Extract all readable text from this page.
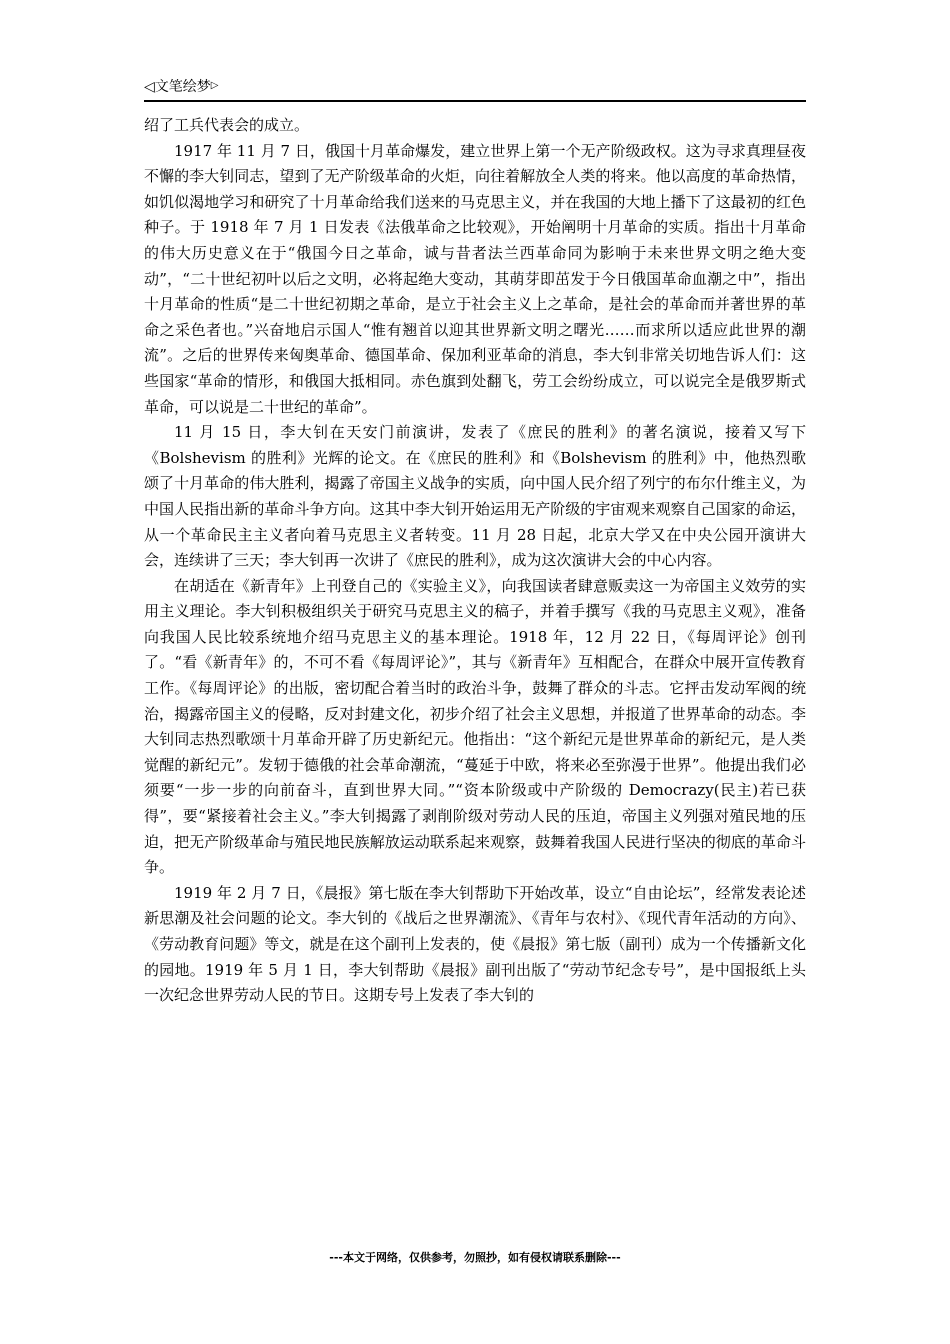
◁文笔绘梦▷

绍了工兵代表会的成立。

1917 年 11 月 7 日，俄国十月革命爆发，建立世界上第一个无产阶级政权。这为寻求真理昼夜不懈的李大钊同志，望到了无产阶级革命的火炬，向往着解放全人类的将来。他以高度的革命热情，如饥似渴地学习和研究了十月革命给我们送来的马克思主义，并在我国的大地上播下了这最初的红色种子。于 1918 年 7 月 1 日发表《法俄革命之比较观》，开始阐明十月革命的实质。指出十月革命的伟大历史意义在于“俄国今日之革命，诚与昔者法兰西革命同为影响于未来世界文明之绝大变动”，“二十世纪初叶以后之文明，必将起绝大变动，其萌芽即茁发于今日俄国革命血潮之中”，指出十月革命的性质“是二十世纪初期之革命，是立于社会主义上之革命，是社会的革命而并著世界的革命之采色者也。”兴奋地启示国人“惟有翘首以迎其世界新文明之曙光……而求所以适应此世界的潮流”。之后的世界传来匈奥革命、德国革命、保加利亚革命的消息，李大钊非常关切地告诉人们：这些国家“革命的情形，和俄国大抵相同。赤色旗到处翻飞，劳工会纷纷成立，可以说完全是俄罗斯式革命，可以说是二十世纪的革命”。

11 月 15 日，李大钊在天安门前演讲，发表了《庶民的胜利》的著名演说，接着又写下《Bolshevism 的胜利》光辉的论文。在《庶民的胜利》和《Bolshevism 的胜利》中，他热烈歌颂了十月革命的伟大胜利，揭露了帝国主义战争的实质，向中国人民介绍了列宁的布尔什维主义，为中国人民指出新的革命斗争方向。这其中李大钊开始运用无产阶级的宇宙观来观察自己国家的命运，从一个革命民主主义者向着马克思主义者转变。11 月 28 日起，北京大学又在中央公园开演讲大会，连续讲了三天；李大钊再一次讲了《庶民的胜利》，成为这次演讲大会的中心内容。

在胡适在《新青年》上刊登自己的《实验主义》，向我国读者肆意贩卖这一为帝国主义效劳的实用主义理论。李大钊积极组织关于研究马克思主义的稿子，并着手撰写《我的马克思主义观》，准备向我国人民比较系统地介绍马克思主义的基本理论。1918 年，12 月 22 日，《每周评论》创刊了。“看《新青年》的，不可不看《每周评论》”，其与《新青年》互相配合，在群众中展开宣传教育工作。《每周评论》的出版，密切配合着当时的政治斗争，鼓舞了群众的斗志。它抨击发动军阀的统治，揭露帝国主义的侵略，反对封建文化，初步介绍了社会主义思想，并报道了世界革命的动态。李大钊同志热烈歌颂十月革命开辟了历史新纪元。他指出：“这个新纪元是世界革命的新纪元，是人类觉醒的新纪元”。发轫于德俄的社会革命潮流，“蔓延于中欧，将来必至弥漫于世界”。他提出我们必须要“一步一步的向前奋斗，直到世界大同。”“资本阶级或中产阶级的 Democrazy(民主)若已获得”，要“紧接着社会主义。”李大钊揭露了剥削阶级对劳动人民的压迫，帝国主义列强对殖民地的压迫，把无产阶级革命与殖民地民族解放运动联系起来观察，鼓舞着我国人民进行坚决的彻底的革命斗争。

1919 年 2 月 7 日，《晨报》第七版在李大钊帮助下开始改革，设立“自由论坛”，经常发表论述新思潮及社会问题的论文。李大钊的《战后之世界潮流》、《青年与农村》、《现代青年活动的方向》、《劳动教育问题》等文，就是在这个副刊上发表的，使《晨报》第七版（副刊）成为一个传播新文化的园地。1919 年 5 月 1 日，李大钊帮助《晨报》副刊出版了“劳动节纪念专号”，是中国报纸上头一次纪念世界劳动人民的节日。这期专号上发表了李大钊的

---本文于网络，仅供参考，勿照抄，如有侵权请联系删除---
